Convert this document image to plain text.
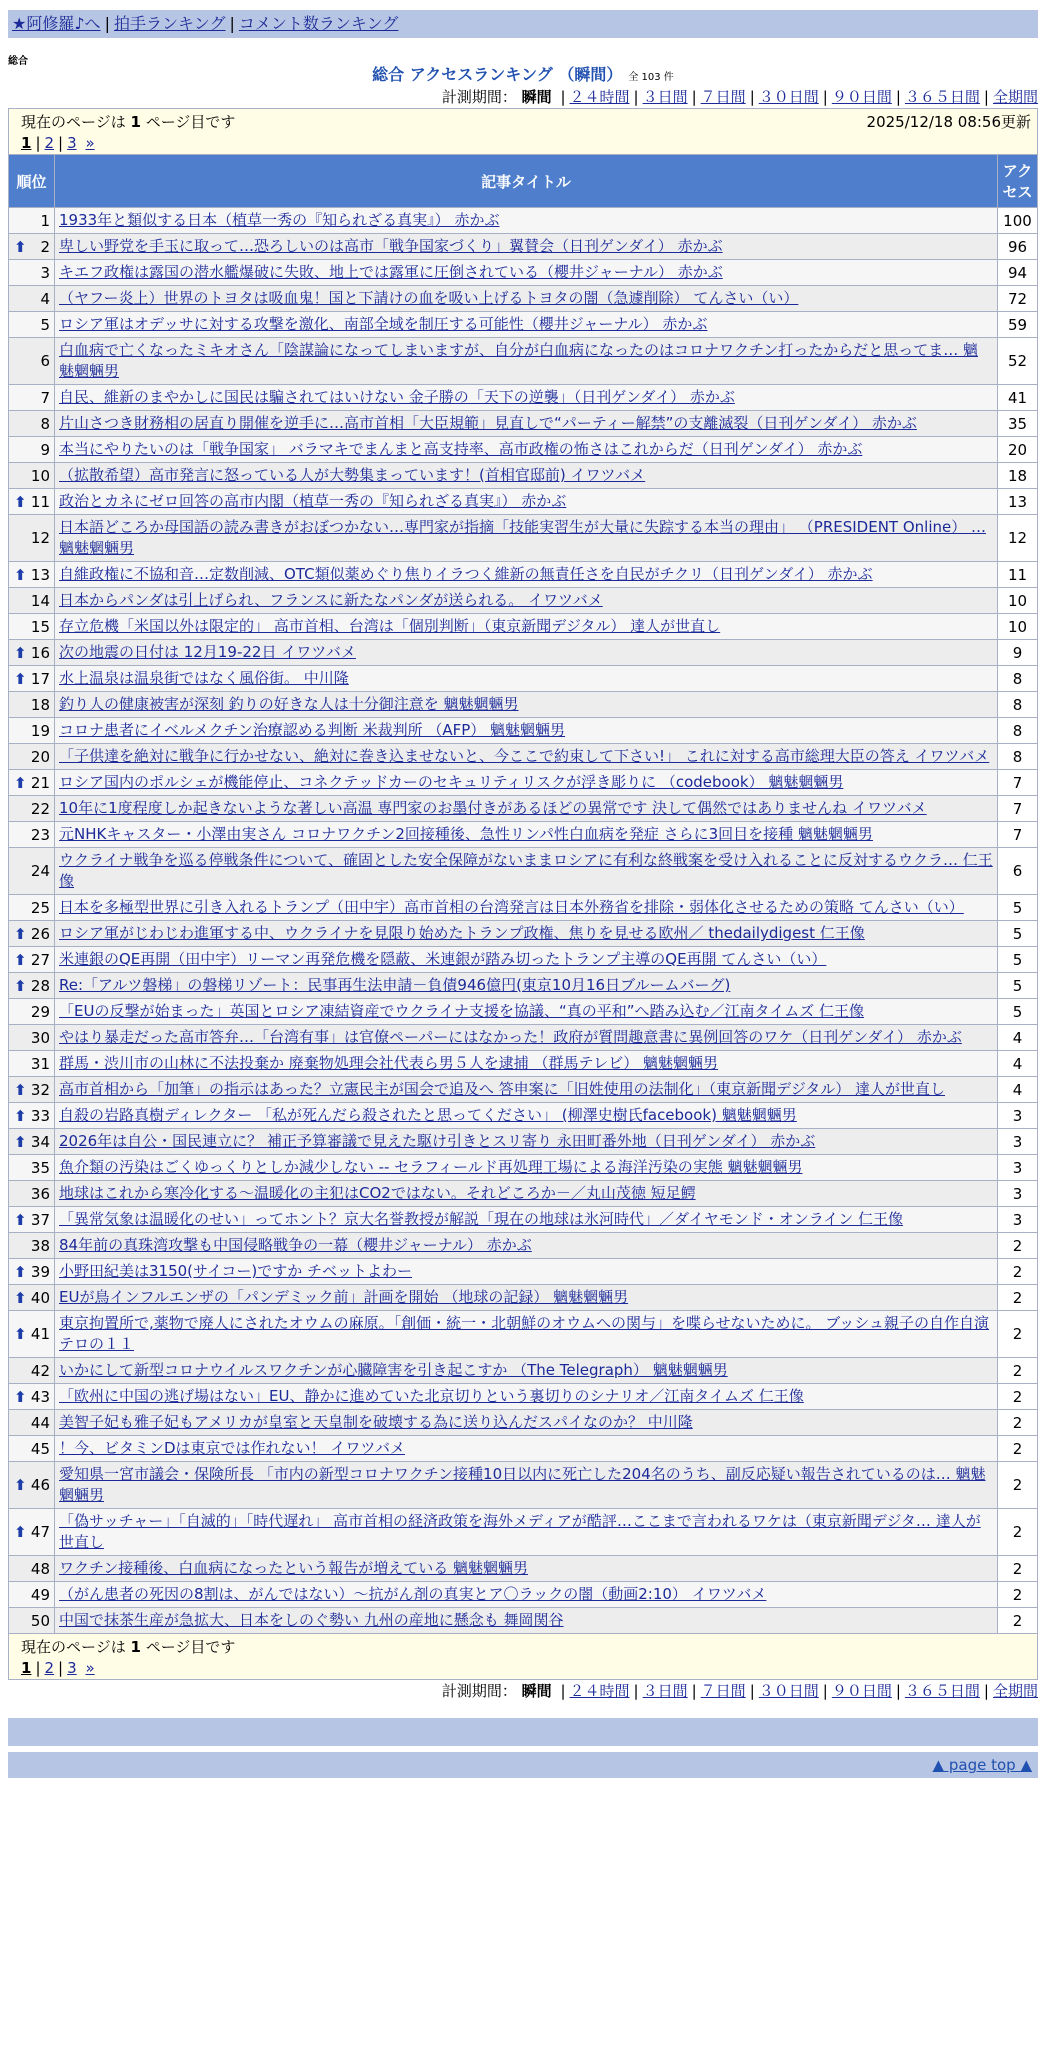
★阿修羅♪へ | 拍手ランキング | コメント数ランキング
総合
総合 アクセスランキング （瞬間） 全 103 件
計測期間： 瞬間 | ２４時間 | ３日間 | ７日間 | ３０日間 | ９０日間 | ３６５日間 | 全期間
現在のページは 1 ページ目です 2025/12/18 08:56更新
1 | 2 | 3 »		

順位	記事タイトル	アクセス
1	1933年と類似する日本（植草一秀の『知られざる真実』） 赤かぶ	100

⬆ 2	卑しい野党を手玉に取って…恐ろしいのは高市「戦争国家づくり」翼賛会（日刊ゲンダイ） 赤かぶ	96
3	キエフ政権は露国の潜水艦爆破に失敗、地上では露軍に圧倒されている（櫻井ジャーナル） 赤かぶ	94
4	（ヤフー炎上）世界のトヨタは吸血鬼！国と下請けの血を吸い上げるトヨタの闇（急遽削除） てんさい（い）	72
5	ロシア軍はオデッサに対する攻撃を激化、南部全域を制圧する可能性（櫻井ジャーナル） 赤かぶ	59
6	白血病で亡くなったミキオさん「陰謀論になってしまいますが、自分が白血病になったのはコロナワクチン打ったからだと思ってま… 魑魅魍魎男	52
7	自民、維新のまやかしに国民は騙されてはいけない 金子勝の「天下の逆襲」（日刊ゲンダイ） 赤かぶ	41
8	片山さつき財務相の居直り開催を逆手に…高市首相「大臣規範」見直しで“パーティー解禁”の支離滅裂（日刊ゲンダイ） 赤かぶ	35
9	本当にやりたいのは「戦争国家」 バラマキでまんまと高支持率、高市政権の怖さはこれからだ（日刊ゲンダイ） 赤かぶ	20
10	（拡散希望）高市発言に怒っている人が大勢集まっています！(首相官邸前) イワツバメ	18

⬆ 11	政治とカネにゼロ回答の高市内閣（植草一秀の『知られざる真実』） 赤かぶ	13
12	日本語どころか母国語の読み書きがおぼつかない…専門家が指摘「技能実習生が大量に失踪する本当の理由」 （PRESIDENT Online） … 魑魅魍魎男	12

⬆ 13	自維政権に不協和音…定数削減、OTC類似薬めぐり焦りイラつく維新の無責任さを自民がチクリ（日刊ゲンダイ） 赤かぶ	11
14	日本からパンダは引上げられ、フランスに新たなパンダが送られる。 イワツバメ	10
15	存立危機「米国以外は限定的」 高市首相、台湾は「個別判断」（東京新聞デジタル） 達人が世直し	10

⬆ 16	次の地震の日付は 12月19-22日 イワツバメ	9

⬆ 17	水上温泉は温泉街ではなく風俗街。 中川隆	8
18	釣り人の健康被害が深刻 釣りの好きな人は十分御注意を 魑魅魍魎男	8
19	コロナ患者にイベルメクチン治療認める判断 米裁判所 （AFP） 魑魅魍魎男	8
20	「子供達を絶対に戦争に行かせない、絶対に巻き込ませないと、今ここで約束して下さい!」 これに対する高市総理大臣の答え イワツバメ	8

⬆ 21	ロシア国内のポルシェが機能停止、コネクテッドカーのセキュリティリスクが浮き彫りに （codebook） 魑魅魍魎男	7
22	10年に1度程度しか起きないような著しい高温 専門家のお墨付きがあるほどの異常です 決して偶然ではありませんね イワツバメ	7
23	元NHKキャスター・小澤由実さん コロナワクチン2回接種後、急性リンパ性白血病を発症 さらに3回目を接種 魑魅魍魎男	7
24	ウクライナ戦争を巡る停戦条件について、確固とした安全保障がないままロシアに有利な終戦案を受け入れることに反対するウクラ… 仁王像	6
25	日本を多極型世界に引き入れるトランプ（田中宇）高市首相の台湾発言は日本外務省を排除・弱体化させるための策略 てんさい（い）	5

⬆ 26	ロシア軍がじわじわ進軍する中、ウクライナを見限り始めたトランプ政権、焦りを見せる欧州／ thedailydigest 仁王像	5

⬆ 27	米連銀のQE再開（田中宇）リーマン再発危機を隠蔽、米連銀が踏み切ったトランプ主導のQE再開 てんさい（い）	5

⬆ 28	Re:「アルツ磐梯」の磐梯リゾート：民事再生法申請－負債946億円(東京10月16日ブルームバーグ)	5
29	「EUの反撃が始まった」英国とロシア凍結資産でウクライナ支援を協議、“真の平和”へ踏み込む／江南タイムズ 仁王像	5
30	やはり暴走だった高市答弁…「台湾有事」は官僚ペーパーにはなかった！政府が質問趣意書に異例回答のワケ（日刊ゲンダイ） 赤かぶ	4
31	群馬・渋川市の山林に不法投棄か 廃棄物処理会社代表ら男５人を逮捕 （群馬テレビ） 魑魅魍魎男	4

⬆ 32	高市首相から「加筆」の指示はあった？立憲民主が国会で追及へ 答申案に「旧姓使用の法制化」（東京新聞デジタル） 達人が世直し	4

⬆ 33	自殺の岩路真樹ディレクター 「私が死んだら殺されたと思ってください」 (柳澤史樹氏facebook) 魑魅魍魎男	3

⬆ 34	2026年は自公・国民連立に？ 補正予算審議で見えた駆け引きとスリ寄り 永田町番外地（日刊ゲンダイ） 赤かぶ	3
35	魚介類の汚染はごくゆっくりとしか減少しない -- セラフィールド再処理工場による海洋汚染の実態 魑魅魍魎男	3
36	地球はこれから寒冷化する～温暖化の主犯はCO2ではない。それどころか－／丸山茂徳 短足鰐	3

⬆ 37	「異常気象は温暖化のせい」ってホント？京大名誉教授が解説「現在の地球は氷河時代」／ダイヤモンド・オンライン 仁王像	3
38	84年前の真珠湾攻撃も中国侵略戦争の一幕（櫻井ジャーナル） 赤かぶ	2

⬆ 39	小野田紀美は3150(サイコー)ですか チベットよわー	2

⬆ 40	EUが鳥インフルエンザの「パンデミック前」計画を開始 （地球の記録） 魑魅魍魎男	2

⬆ 41	東京拘置所で,薬物で廃人にされたオウムの麻原。「創価・統一・北朝鮮のオウムへの関与」を喋らせないために。 ブッシュ親子の自作自演テロの１１	2
42	いかにして新型コロナウイルスワクチンが心臓障害を引き起こすか （The Telegraph） 魑魅魍魎男	2

⬆ 43	「欧州に中国の逃げ場はない」EU、静かに進めていた北京切りという裏切りのシナリオ／江南タイムズ 仁王像	2
44	美智子妃も雅子妃もアメリカが皇室と天皇制を破壊する為に送り込んだスパイなのか？ 中川隆	2
45	！今、ビタミンDは東京では作れない！ イワツバメ	2

⬆ 46	愛知県一宮市議会・保険所長 「市内の新型コロナワクチン接種10日以内に死亡した204名のうち、副反応疑い報告されているのは… 魑魅魍魎男	2

⬆ 47	「偽サッチャー」「自滅的」「時代遅れ」 高市首相の経済政策を海外メディアが酷評…ここまで言われるワケは（東京新聞デジタ… 達人が世直し	2
48	ワクチン接種後、白血病になったという報告が増えている 魑魅魍魎男	2
49	（がん患者の死因の8割は、がんではない）～抗がん剤の真実とア〇ラックの闇（動画2:10） イワツバメ	2
50	中国で抹茶生産が急拡大、日本をしのぐ勢い 九州の産地に懸念も 舞岡関谷	2

現在のページは 1 ページ目です
1 | 2 | 3 »		
計測期間： 瞬間 | ２４時間 | ３日間 | ７日間 | ３０日間 | ９０日間 | ３６５日間 | 全期間
▲ page top ▲
